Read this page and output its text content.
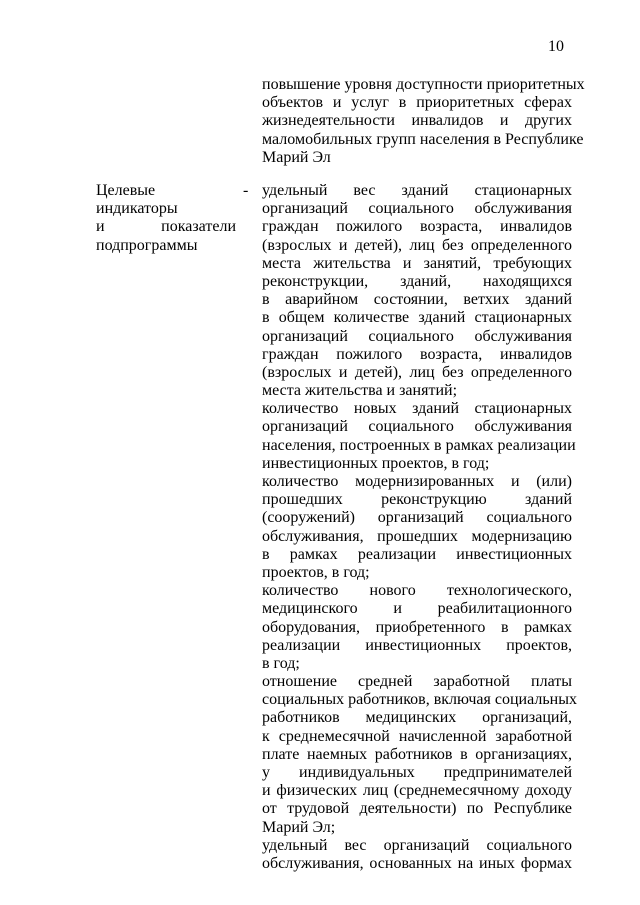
10
повышение уровня доступности приоритетных
объектов и услуг в приоритетных сферах
жизнедеятельности инвалидов и других
маломобильных групп населения в Республике
Марий Эл
Целевые
индикаторы
и показатели
подпрограммы
- удельный вес зданий стационарных
организаций социального обслуживания
граждан пожилого возраста, инвалидов
(взрослых и детей), лиц без определенного
места жительства и занятий, требующих
реконструкции, зданий, находящихся
в аварийном состоянии, ветхих зданий
в общем количестве зданий стационарных
организаций социального обслуживания
граждан пожилого возраста, инвалидов
(взрослых и детей), лиц без определенного
места жительства и занятий;
количество новых зданий стационарных
организаций социального обслуживания
населения, построенных в рамках реализации
инвестиционных проектов, в год;
количество модернизированных и (или)
прошедших реконструкцию зданий
(сооружений) организаций социального
обслуживания, прошедших модернизацию
в рамках реализации инвестиционных
проектов, в год;
количество нового технологического,
медицинского и реабилитационного
оборудования, приобретенного в рамках
реализации инвестиционных проектов,
в год;
отношение средней заработной платы
социальных работников, включая социальных
работников медицинских организаций,
к среднемесячной начисленной заработной
плате наемных работников в организациях,
у индивидуальных предпринимателей
и физических лиц (среднемесячному доходу
от трудовой деятельности) по Республике
Марий Эл;
удельный вес организаций социального
обслуживания, основанных на иных формах
